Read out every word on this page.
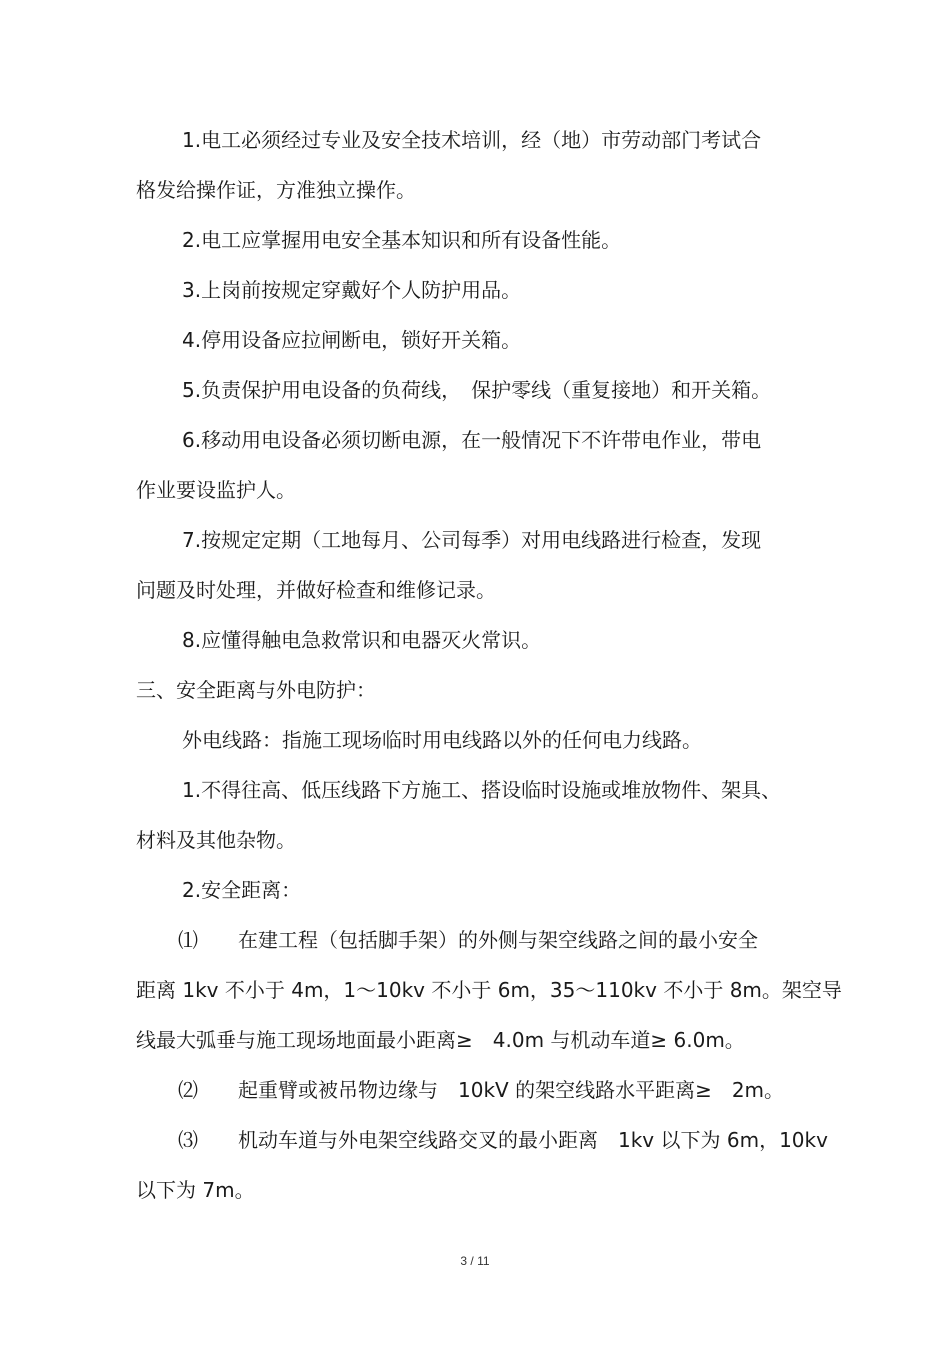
1.电工必须经过专业及安全技术培训，经（地）市劳动部门考试合
格发给操作证，方准独立操作。
2.电工应掌握用电安全基本知识和所有设备性能。
3.上岗前按规定穿戴好个人防护用品。
4.停用设备应拉闸断电，锁好开关箱。
5.负责保护用电设备的负荷线，　保护零线（重复接地）和开关箱。
6.移动用电设备必须切断电源，在一般情况下不许带电作业，带电
作业要设监护人。
7.按规定定期（工地每月、公司每季）对用电线路进行检查，发现
问题及时处理，并做好检查和维修记录。
8.应懂得触电急救常识和电器灭火常识。
三、安全距离与外电防护：
外电线路：指施工现场临时用电线路以外的任何电力线路。
1.不得往高、低压线路下方施工、搭设临时设施或堆放物件、架具、
材料及其他杂物。
2.安全距离：
⑴　　在建工程（包括脚手架）的外侧与架空线路之间的最小安全
距离 1kv 不小于 4m，1～10kv 不小于 6m，35～110kv 不小于 8m。架空导
线最大弧垂与施工现场地面最小距离≥　4.0m 与机动车道≥ 6.0m。
⑵　　起重臂或被吊物边缘与　10kV 的架空线路水平距离≥　2m。
⑶　　机动车道与外电架空线路交叉的最小距离　1kv 以下为 6m，10kv
以下为 7m。
3 / 11
